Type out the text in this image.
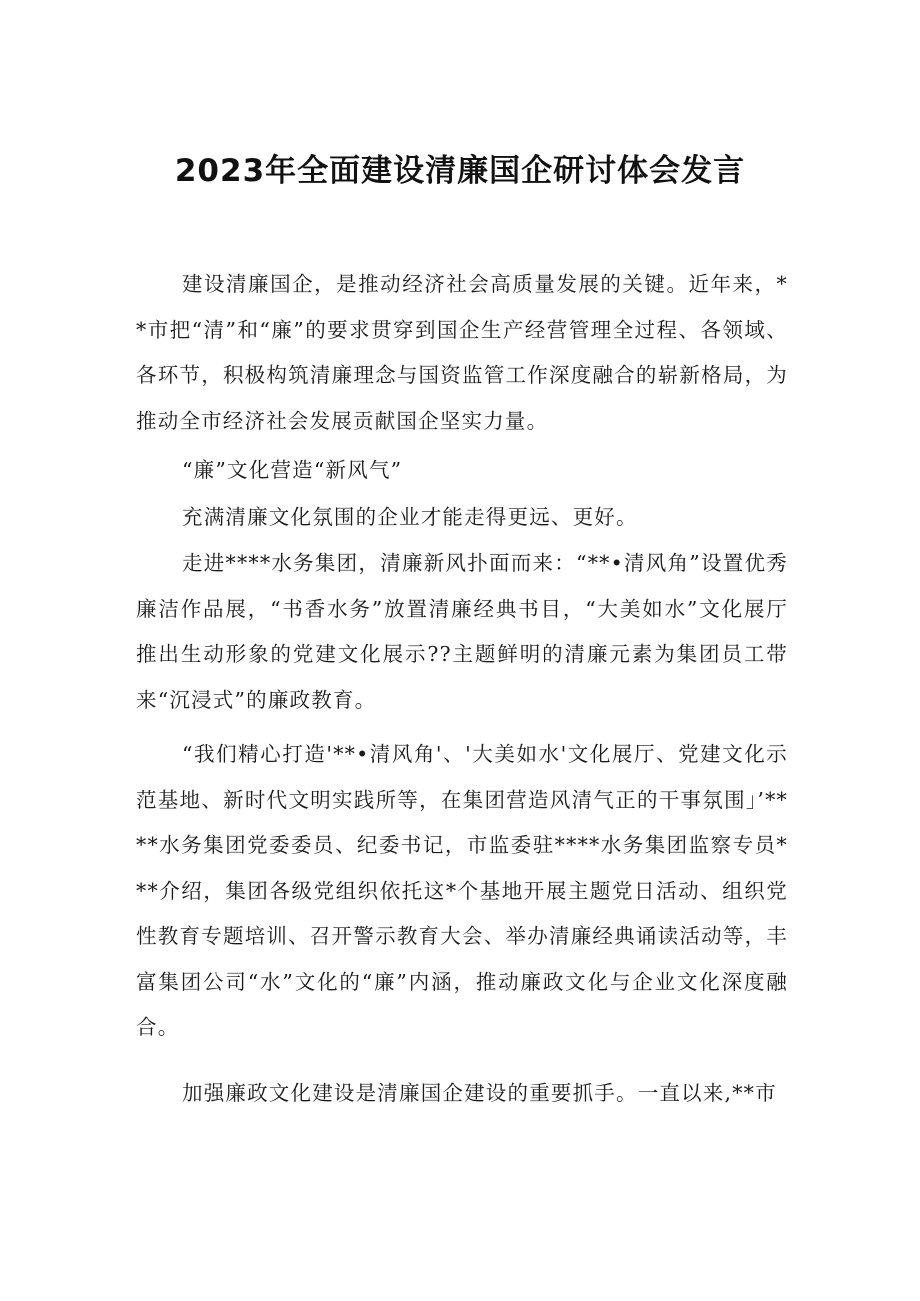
2023年全面建设清廉国企研讨体会发言

建设清廉国企，是推动经济社会高质量发展的关键。近年来，**市把“清”和“廉”的要求贯穿到国企生产经营管理全过程、各领域、各环节，积极构筑清廉理念与国资监管工作深度融合的崭新格局，为推动全市经济社会发展贡献国企坚实力量。

“廉”文化营造“新风气”

充满清廉文化氛围的企业才能走得更远、更好。

走进****水务集团，清廉新风扑面而来：“**•清风角”设置优秀廉洁作品展，“书香水务”放置清廉经典书目，“大美如水”文化展厅推出生动形象的党建文化展示??主题鲜明的清廉元素为集团员工带来“沉浸式”的廉政教育。

“我们精心打造'**•清风角'、'大美如水'文化展厅、党建文化示范基地、新时代文明实践所等，在集团营造风清气正的干事氛围」’****水务集团党委委员、纪委书记，市监委驻****水务集团监察专员***介绍，集团各级党组织依托这*个基地开展主题党日活动、组织党性教育专题培训、召开警示教育大会、举办清廉经典诵读活动等，丰富集团公司“水”文化的“廉”内涵，推动廉政文化与企业文化深度融合。

加强廉政文化建设是清廉国企建设的重要抓手。一直以来,**市
